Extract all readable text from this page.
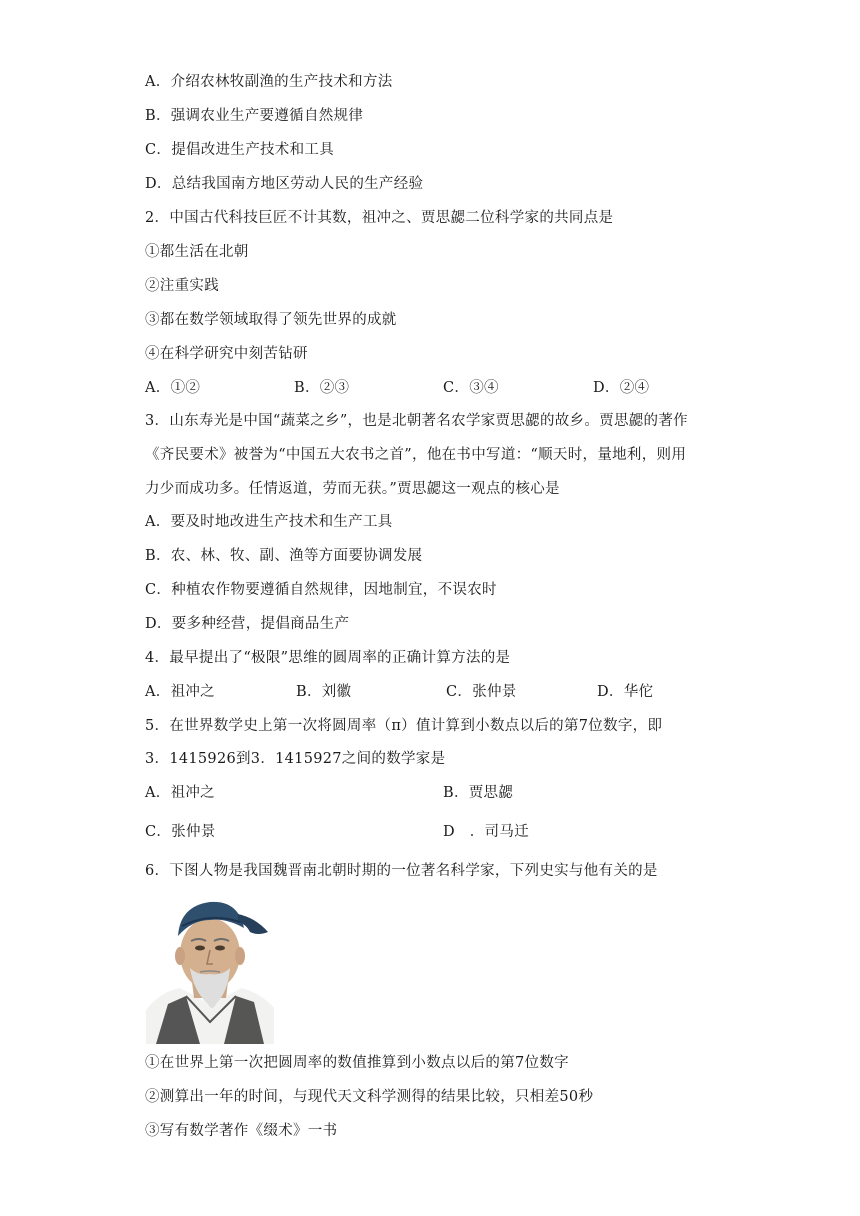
A．介绍农林牧副渔的生产技术和方法
B．强调农业生产要遵循自然规律
C．提倡改进生产技术和工具
D．总结我国南方地区劳动人民的生产经验
2．中国古代科技巨匠不计其数，祖冲之、贾思勰二位科学家的共同点是
①都生活在北朝
②注重实践
③都在数学领域取得了领先世界的成就
④在科学研究中刻苦钻研
A．①②	B．②③	C．③④	D．②④
3．山东寿光是中国“蔬菜之乡”，也是北朝著名农学家贾思勰的故乡。贾思勰的著作
《齐民要术》被誉为“中国五大农书之首”，他在书中写道：“顺天时，量地利，则用
力少而成功多。任情返道，劳而无获。”贾思勰这一观点的核心是
A．要及时地改进生产技术和生产工具
B．农、林、牧、副、渔等方面要协调发展
C．种植农作物要遵循自然规律，因地制宜，不误农时
D．要多种经营，提倡商品生产
4．最早提出了“极限”思维的圆周率的正确计算方法的是
A．祖冲之	B．刘徽	C．张仲景	D．华佗
5．在世界数学史上第一次将圆周率（π）值计算到小数点以后的第7位数字，即
3．1415926到3．1415927之间的数学家是
A．祖冲之	B．贾思勰
C．张仲景	D　．司马迁
6．下图人物是我国魏晋南北朝时期的一位著名科学家，下列史实与他有关的是
①在世界上第一次把圆周率的数值推算到小数点以后的第7位数字
②测算出一年的时间，与现代天文科学测得的结果比较，只相差50秒
③写有数学著作《缀术》一书
